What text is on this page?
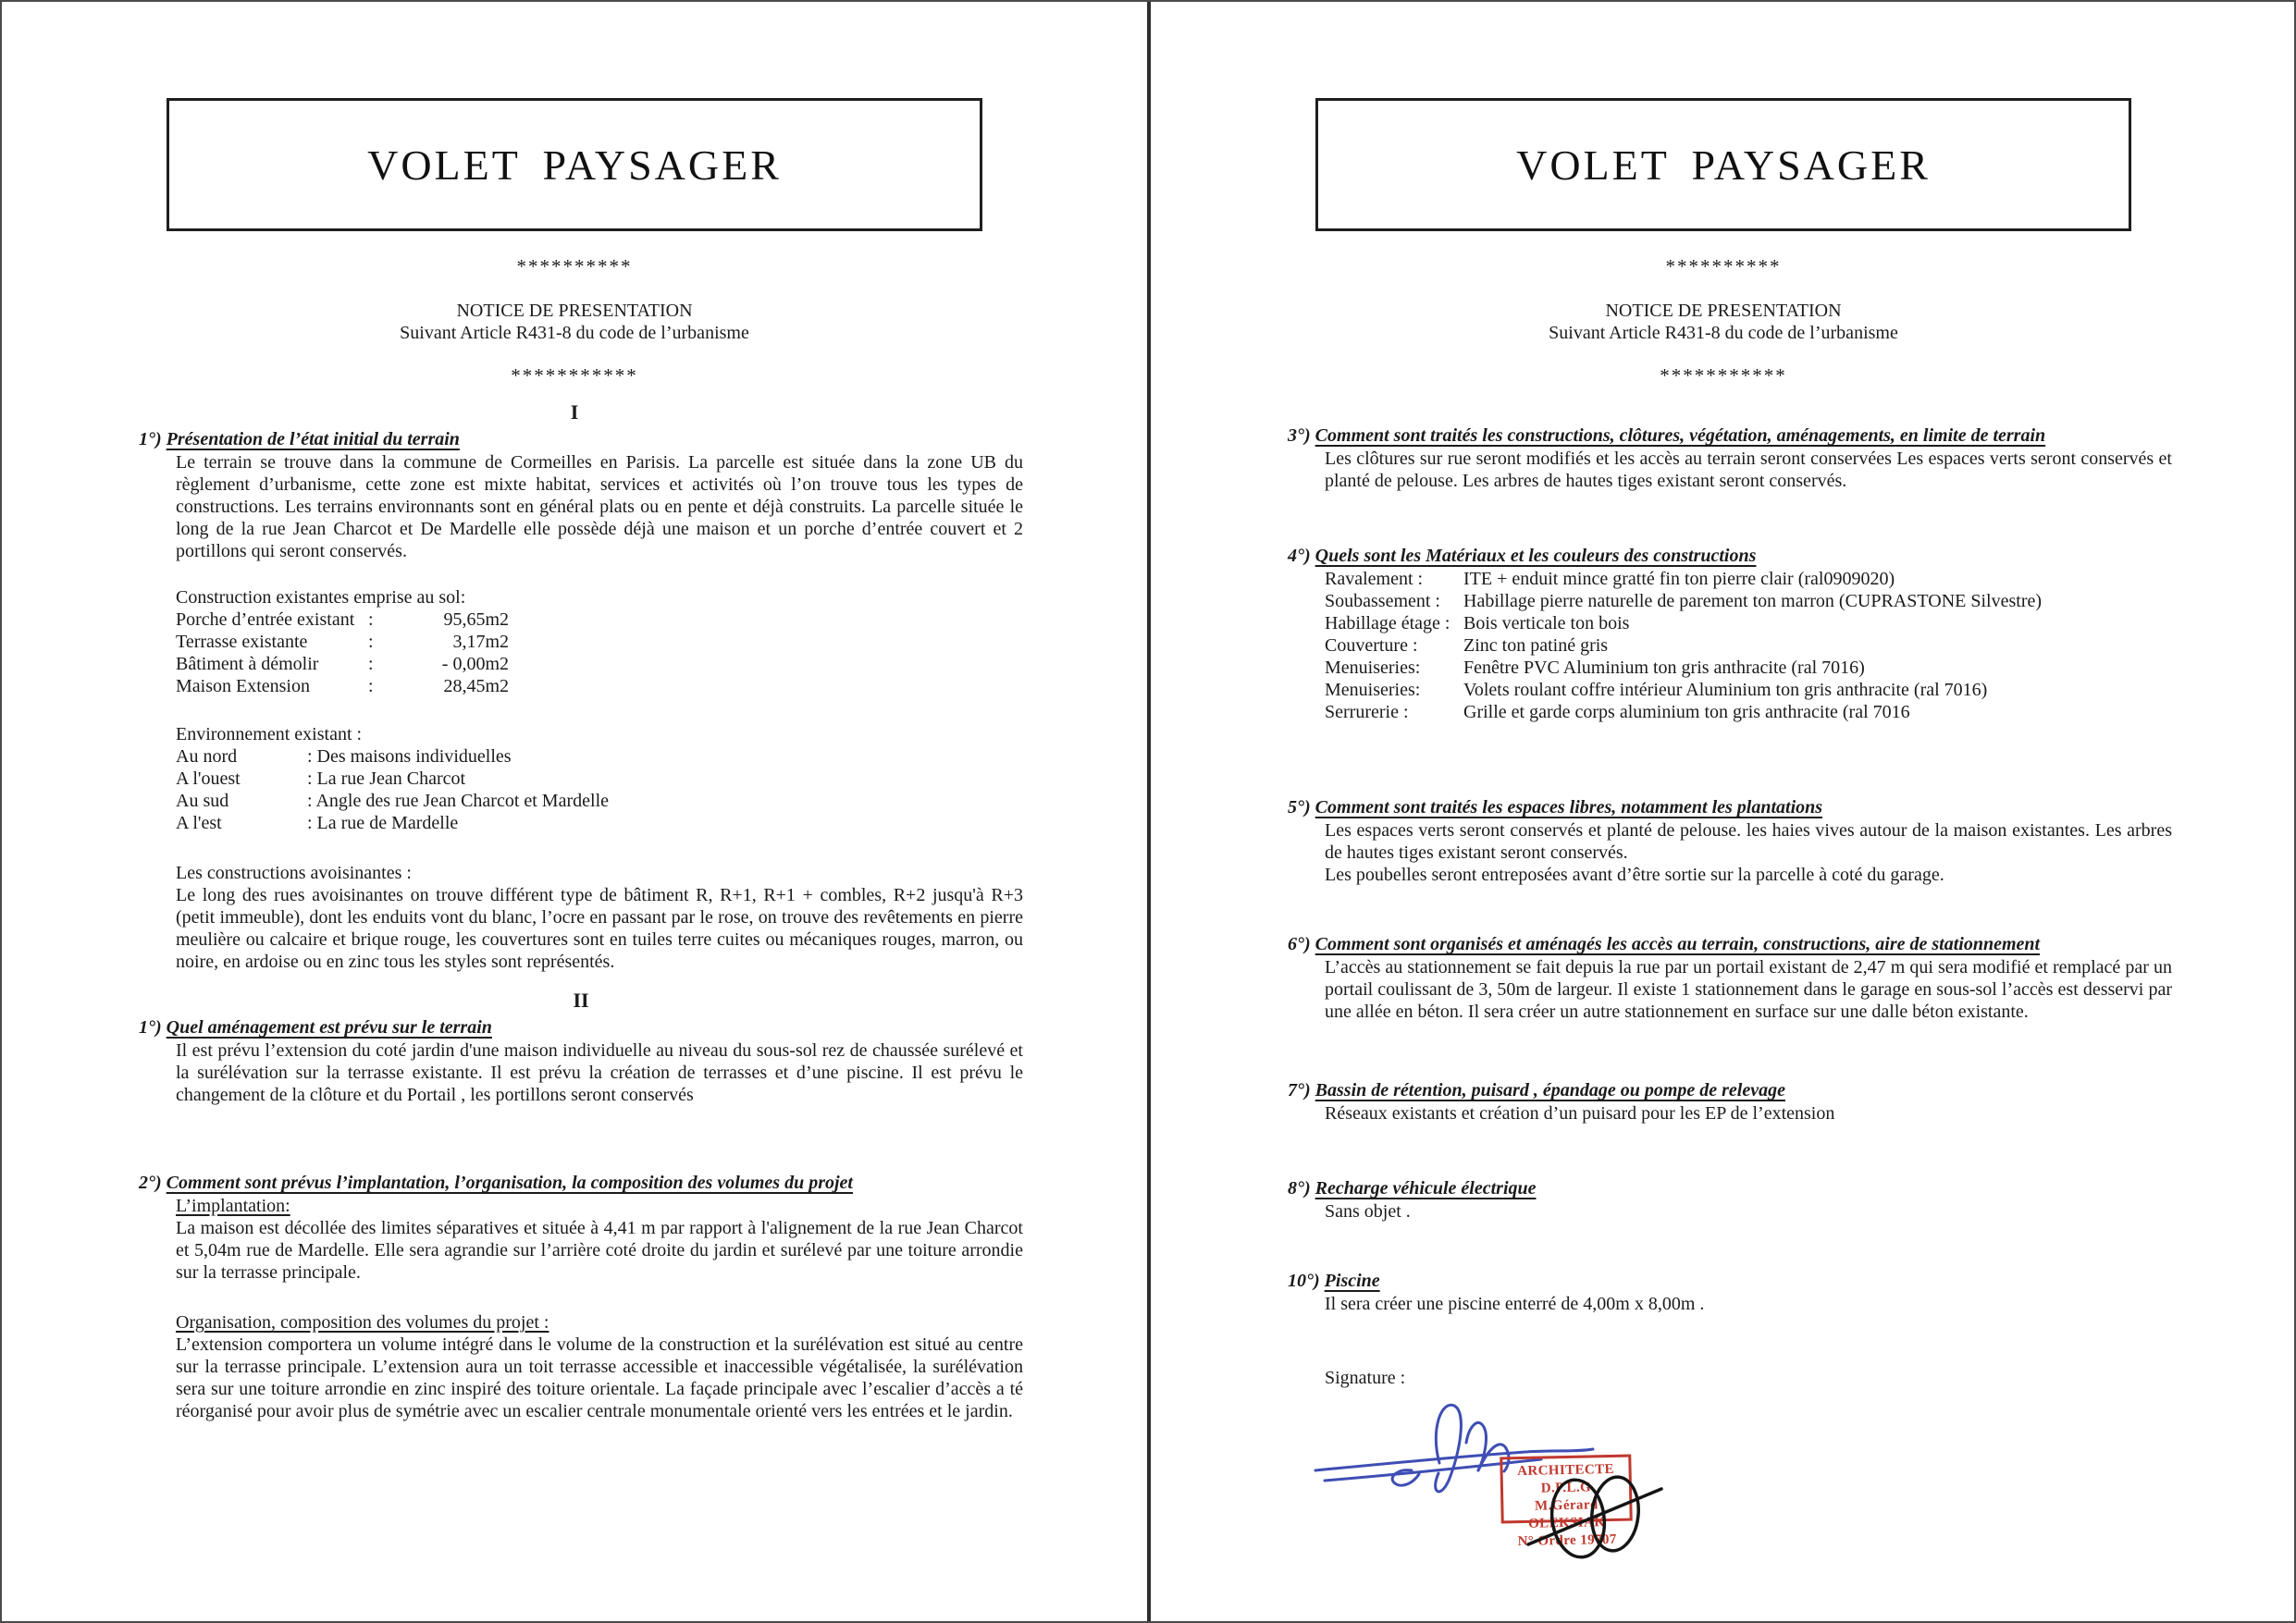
VOLET PAYSAGER
**********
NOTICE DE PRESENTATION
Suivant Article R431-8 du code de l’urbanisme
***********
I
1°) Présentation de l’état initial du terrain

Le terrain se trouve dans la commune de Cormeilles en Parisis. La parcelle est située dans la zone UB du règlement d’urbanisme, cette zone est mixte habitat, services et activités où l’on trouve tous les types de constructions. Les terrains environnants sont en général plats ou en pente et déjà construits. La parcelle située le long de la rue Jean Charcot et De Mardelle elle possède déjà une maison et un porche d’entrée couvert et 2 portillons qui seront conservés.

Construction existantes emprise au sol:
Porche d’entrée existant :	95,65m2
Terrasse existante	:	3,17m2
Bâtiment à démolir	:	- 0,00m2
Maison Extension	:	28,45m2
Environnement existant :
Au nord	: Des maisons individuelles
A l'ouest	: La rue Jean Charcot
Au sud	: Angle des rue Jean Charcot et Mardelle
A l'est	: La rue de Mardelle
Les constructions avoisinantes :

Le long des rues avoisinantes on trouve différent type de bâtiment R, R+1, R+1 + combles, R+2 jusqu'à R+3 (petit immeuble), dont les enduits vont du blanc, l’ocre en passant par le rose, on trouve des revêtements en pierre meulière ou calcaire et brique rouge, les couvertures sont en tuiles terre cuites ou mécaniques rouges, marron, ou noire, en ardoise ou en zinc tous les styles sont représentés.

II
1°) Quel aménagement est prévu sur le terrain

Il est prévu l’extension du coté jardin d'une maison individuelle au niveau du sous-sol rez de chaussée surélevé et la surélévation sur la terrasse existante. Il est prévu la création de terrasses et d’une piscine. Il est prévu le changement de la clôture et du Portail , les portillons seront conservés

2°) Comment sont prévus l’implantation, l’organisation, la composition des volumes du projet
L’implantation:

La maison est décollée des limites séparatives et située à 4,41 m par rapport à l'alignement de la rue Jean Charcot et 5,04m rue de Mardelle. Elle sera agrandie sur l’arrière coté droite du jardin et surélevé par une toiture arrondie sur la terrasse principale.

Organisation, composition des volumes du projet :

L’extension comportera un volume intégré dans le volume de la construction et la surélévation est situé au centre sur la terrasse principale. L’extension aura un toit terrasse accessible et inaccessible végétalisée, la surélévation sera sur une toiture arrondie en zinc inspiré des toiture orientale. La façade principale avec l’escalier d’accès a té réorganisé pour avoir plus de symétrie avec un escalier centrale monumentale orienté vers les entrées et le jardin.

VOLET PAYSAGER
**********
NOTICE DE PRESENTATION
Suivant Article R431-8 du code de l’urbanisme
***********
3°) Comment sont traités les constructions, clôtures, végétation, aménagements, en limite de terrain

Les clôtures sur rue seront modifiés et les accès au terrain seront conservées Les espaces verts seront conservés et planté de pelouse. Les arbres de hautes tiges existant seront conservés.

4°) Quels sont les Matériaux et les couleurs des constructions
Ravalement :	ITE + enduit mince gratté fin ton pierre clair (ral0909020)
Soubassement :	Habillage pierre naturelle de parement ton marron (CUPRASTONE Silvestre)
Habillage étage : Bois verticale ton bois
Couverture :	Zinc ton patiné gris
Menuiseries:	Fenêtre PVC Aluminium ton gris anthracite (ral 7016)
Menuiseries:	Volets roulant coffre intérieur Aluminium ton gris anthracite (ral 7016)
Serrurerie :	Grille et garde corps aluminium ton gris anthracite (ral 7016
5°) Comment sont traités les espaces libres, notamment les plantations

Les espaces verts seront conservés et planté de pelouse. les haies vives autour de la maison existantes. Les arbres de hautes tiges existant seront conservés.

Les poubelles seront entreposées avant d’être sortie sur la parcelle à coté du garage.

6°) Comment sont organisés et aménagés les accès au terrain, constructions, aire de stationnement

L’accès au stationnement se fait depuis la rue par un portail existant de 2,47 m qui sera modifié et remplacé par un portail coulissant de 3, 50m de largeur. Il existe 1 stationnement dans le garage en sous-sol l’accès est desservi par une allée en béton. Il sera créer un autre stationnement en surface sur une dalle béton existante.

7°) Bassin de rétention, puisard , épandage ou pompe de relevage

Réseaux existants et création d’un puisard pour les EP de l’extension

8°) Recharge véhicule électrique

Sans objet .

10°) Piscine

Il sera créer une piscine enterré de 4,00m x 8,00m .

Signature :
ARCHITECTE D.P.L.G
M.Gérard OLEKSIAK
N° Ordre 19707
